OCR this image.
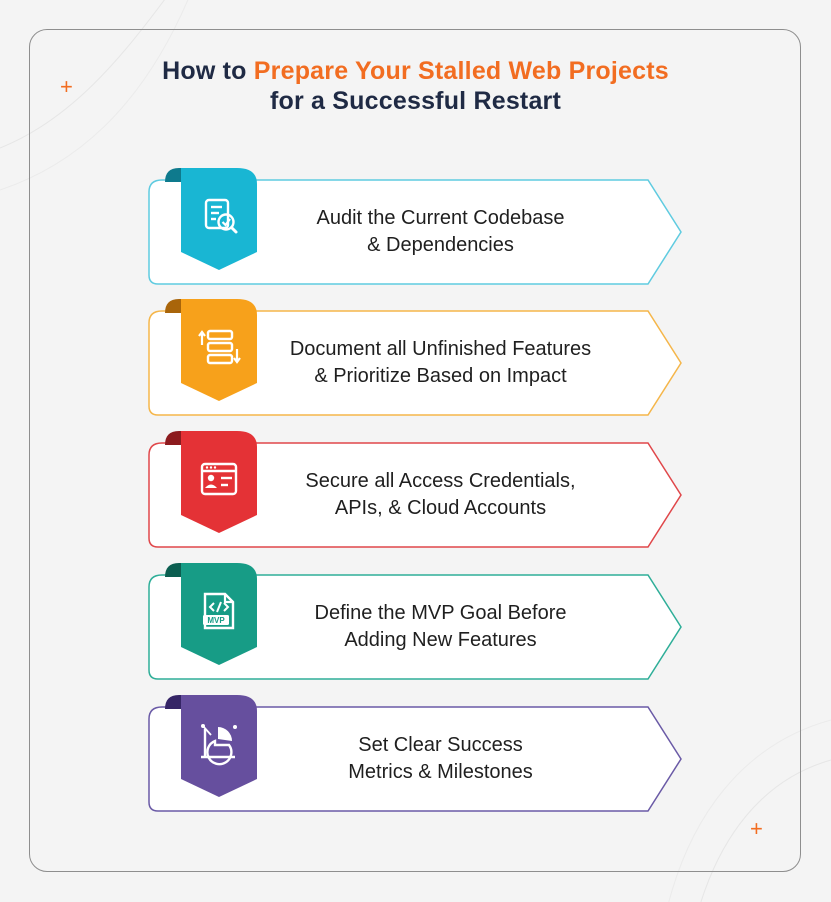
+
+
How to Prepare Your Stalled Web Projects
for a Successful Restart
Audit the Current Codebase
& Dependencies
Document all Unfinished Features
& Prioritize Based on Impact
Secure all Access Credentials,
APIs, & Cloud Accounts
MVP	Define the MVP Goal Before
Adding New Features
Set Clear Success
Metrics & Milestones
